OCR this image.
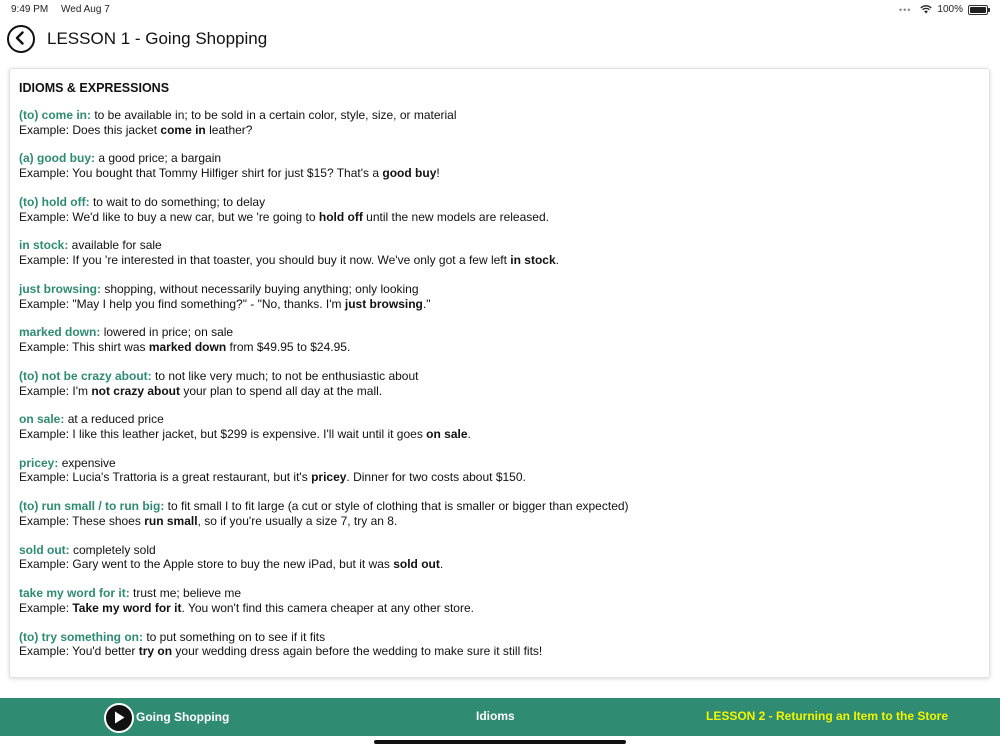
9:49 PM Wed Aug 7	•••	100%
LESSON 1 - Going Shopping
IDIOMS & EXPRESSIONS
(to) come in: to be available in; to be sold in a certain color, style, size, or material
Example: Does this jacket come in leather?
(a) good buy: a good price; a bargain
Example: You bought that Tommy Hilfiger shirt for just $15? That's a good buy!
(to) hold off: to wait to do something; to delay
Example: We'd like to buy a new car, but we 're going to hold off until the new models are released.
in stock: available for sale
Example: If you 're interested in that toaster, you should buy it now. We've only got a few left in stock.
just browsing: shopping, without necessarily buying anything; only looking
Example: "May I help you find something?" - "No, thanks. I'm just browsing."
marked down: lowered in price; on sale
Example: This shirt was marked down from $49.95 to $24.95.
(to) not be crazy about: to not like very much; to not be enthusiastic about
Example: I'm not crazy about your plan to spend all day at the mall.
on sale: at a reduced price
Example: I like this leather jacket, but $299 is expensive. I'll wait until it goes on sale.
pricey: expensive
Example: Lucia's Trattoria is a great restaurant, but it's pricey. Dinner for two costs about $150.
(to) run small / to run big: to fit small I to fit large (a cut or style of clothing that is smaller or bigger than expected)
Example: These shoes run small, so if you're usually a size 7, try an 8.
sold out: completely sold
Example: Gary went to the Apple store to buy the new iPad, but it was sold out.
take my word for it: trust me; believe me
Example: Take my word for it. You won't find this camera cheaper at any other store.
(to) try something on: to put something on to see if it fits
Example: You'd better try on your wedding dress again before the wedding to make sure it still fits!
Going Shopping	Idioms	LESSON 2 - Returning an Item to the Store
